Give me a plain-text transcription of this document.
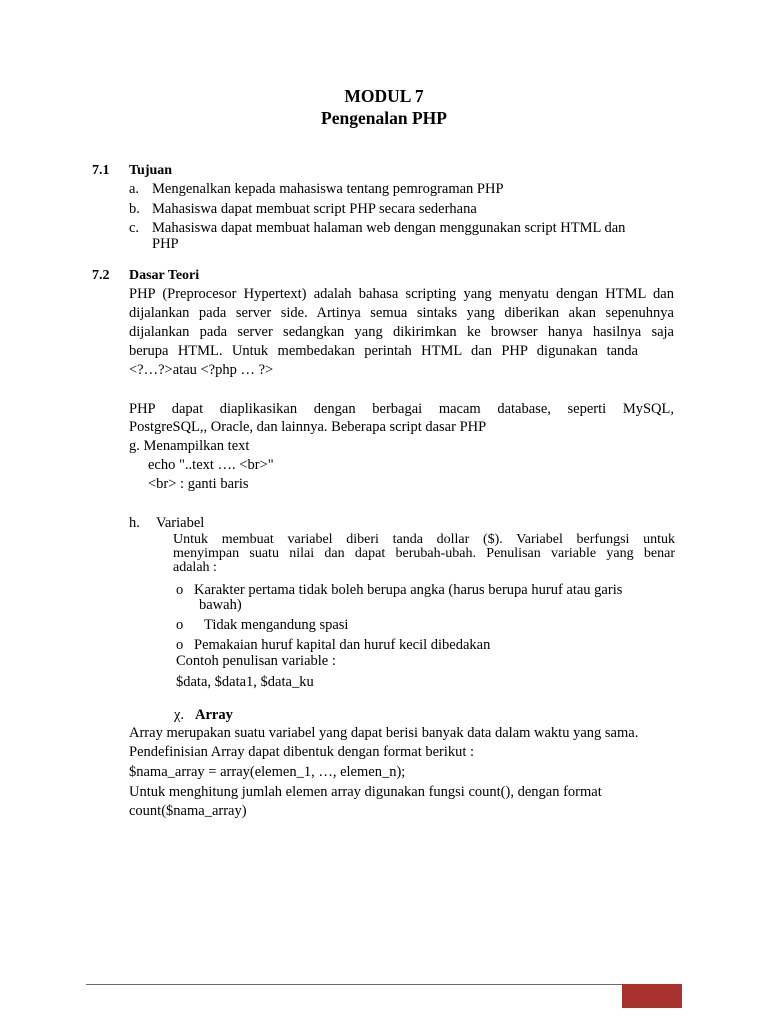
MODUL 7

Pengenalan PHP

7.1 Tujuan

a. Mengenalkan kepada mahasiswa tentang pemrograman PHP

b. Mahasiswa dapat membuat script PHP secara sederhana

c. Mahasiswa dapat membuat halaman web dengan menggunakan script HTML dan

PHP

7.2 Dasar Teori

PHP (Preprocesor Hypertext) adalah bahasa scripting yang menyatu dengan HTML dan

dijalankan pada server side. Artinya semua sintaks yang diberikan akan sepenuhnya

dijalankan pada server sedangkan yang dikirimkan ke browser hanya hasilnya saja

berupa HTML. Untuk membedakan perintah HTML dan PHP digunakan tanda

<?…?>atau <?php … ?>

PHP dapat diaplikasikan dengan berbagai macam database, seperti MySQL,

PostgreSQL,, Oracle, dan lainnya. Beberapa script dasar PHP

g. Menampilkan text

echo "..text …. <br>"

<br> : ganti baris

h. Variabel

Untuk membuat variabel diberi tanda dollar ($). Variabel berfungsi untuk

menyimpan suatu nilai dan dapat berubah-ubah. Penulisan variable yang benar

adalah :

o Karakter pertama tidak boleh berupa angka (harus berupa huruf atau garis

bawah)

o Tidak mengandung spasi

o Pemakaian huruf kapital dan huruf kecil dibedakan

Contoh penulisan variable :

$data, $data1, $data_ku

χ. Array

Array merupakan suatu variabel yang dapat berisi banyak data dalam waktu yang sama.

Pendefinisian Array dapat dibentuk dengan format berikut :

$nama_array = array(elemen_1, …, elemen_n);

Untuk menghitung jumlah elemen array digunakan fungsi count(), dengan format

count($nama_array)
